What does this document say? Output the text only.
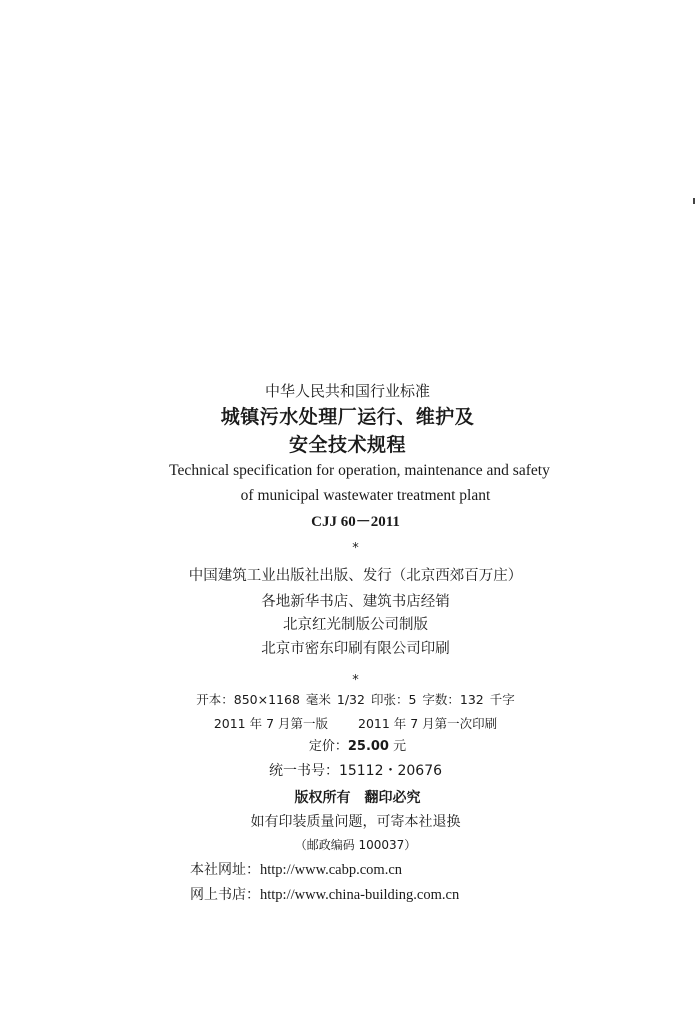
中华人民共和国行业标准
城镇污水处理厂运行、维护及
安全技术规程
Technical specification for operation, maintenance and safety
of municipal wastewater treatment plant
CJJ 60－2011
*
中国建筑工业出版社出版、发行（北京西郊百万庄）
各地新华书店、建筑书店经销
北京红光制版公司制版
北京市密东印刷有限公司印刷
*
开本：850×1168 毫米 1/32 印张：5 字数：132 千字
2011 年 7 月第一版 2011 年 7 月第一次印刷
定价：25.00 元
统一书号：15112・20676
版权所有 翻印必究
如有印装质量问题，可寄本社退换
（邮政编码 100037）
本社网址：http://www.cabp.com.cn
网上书店：http://www.china-building.com.cn
